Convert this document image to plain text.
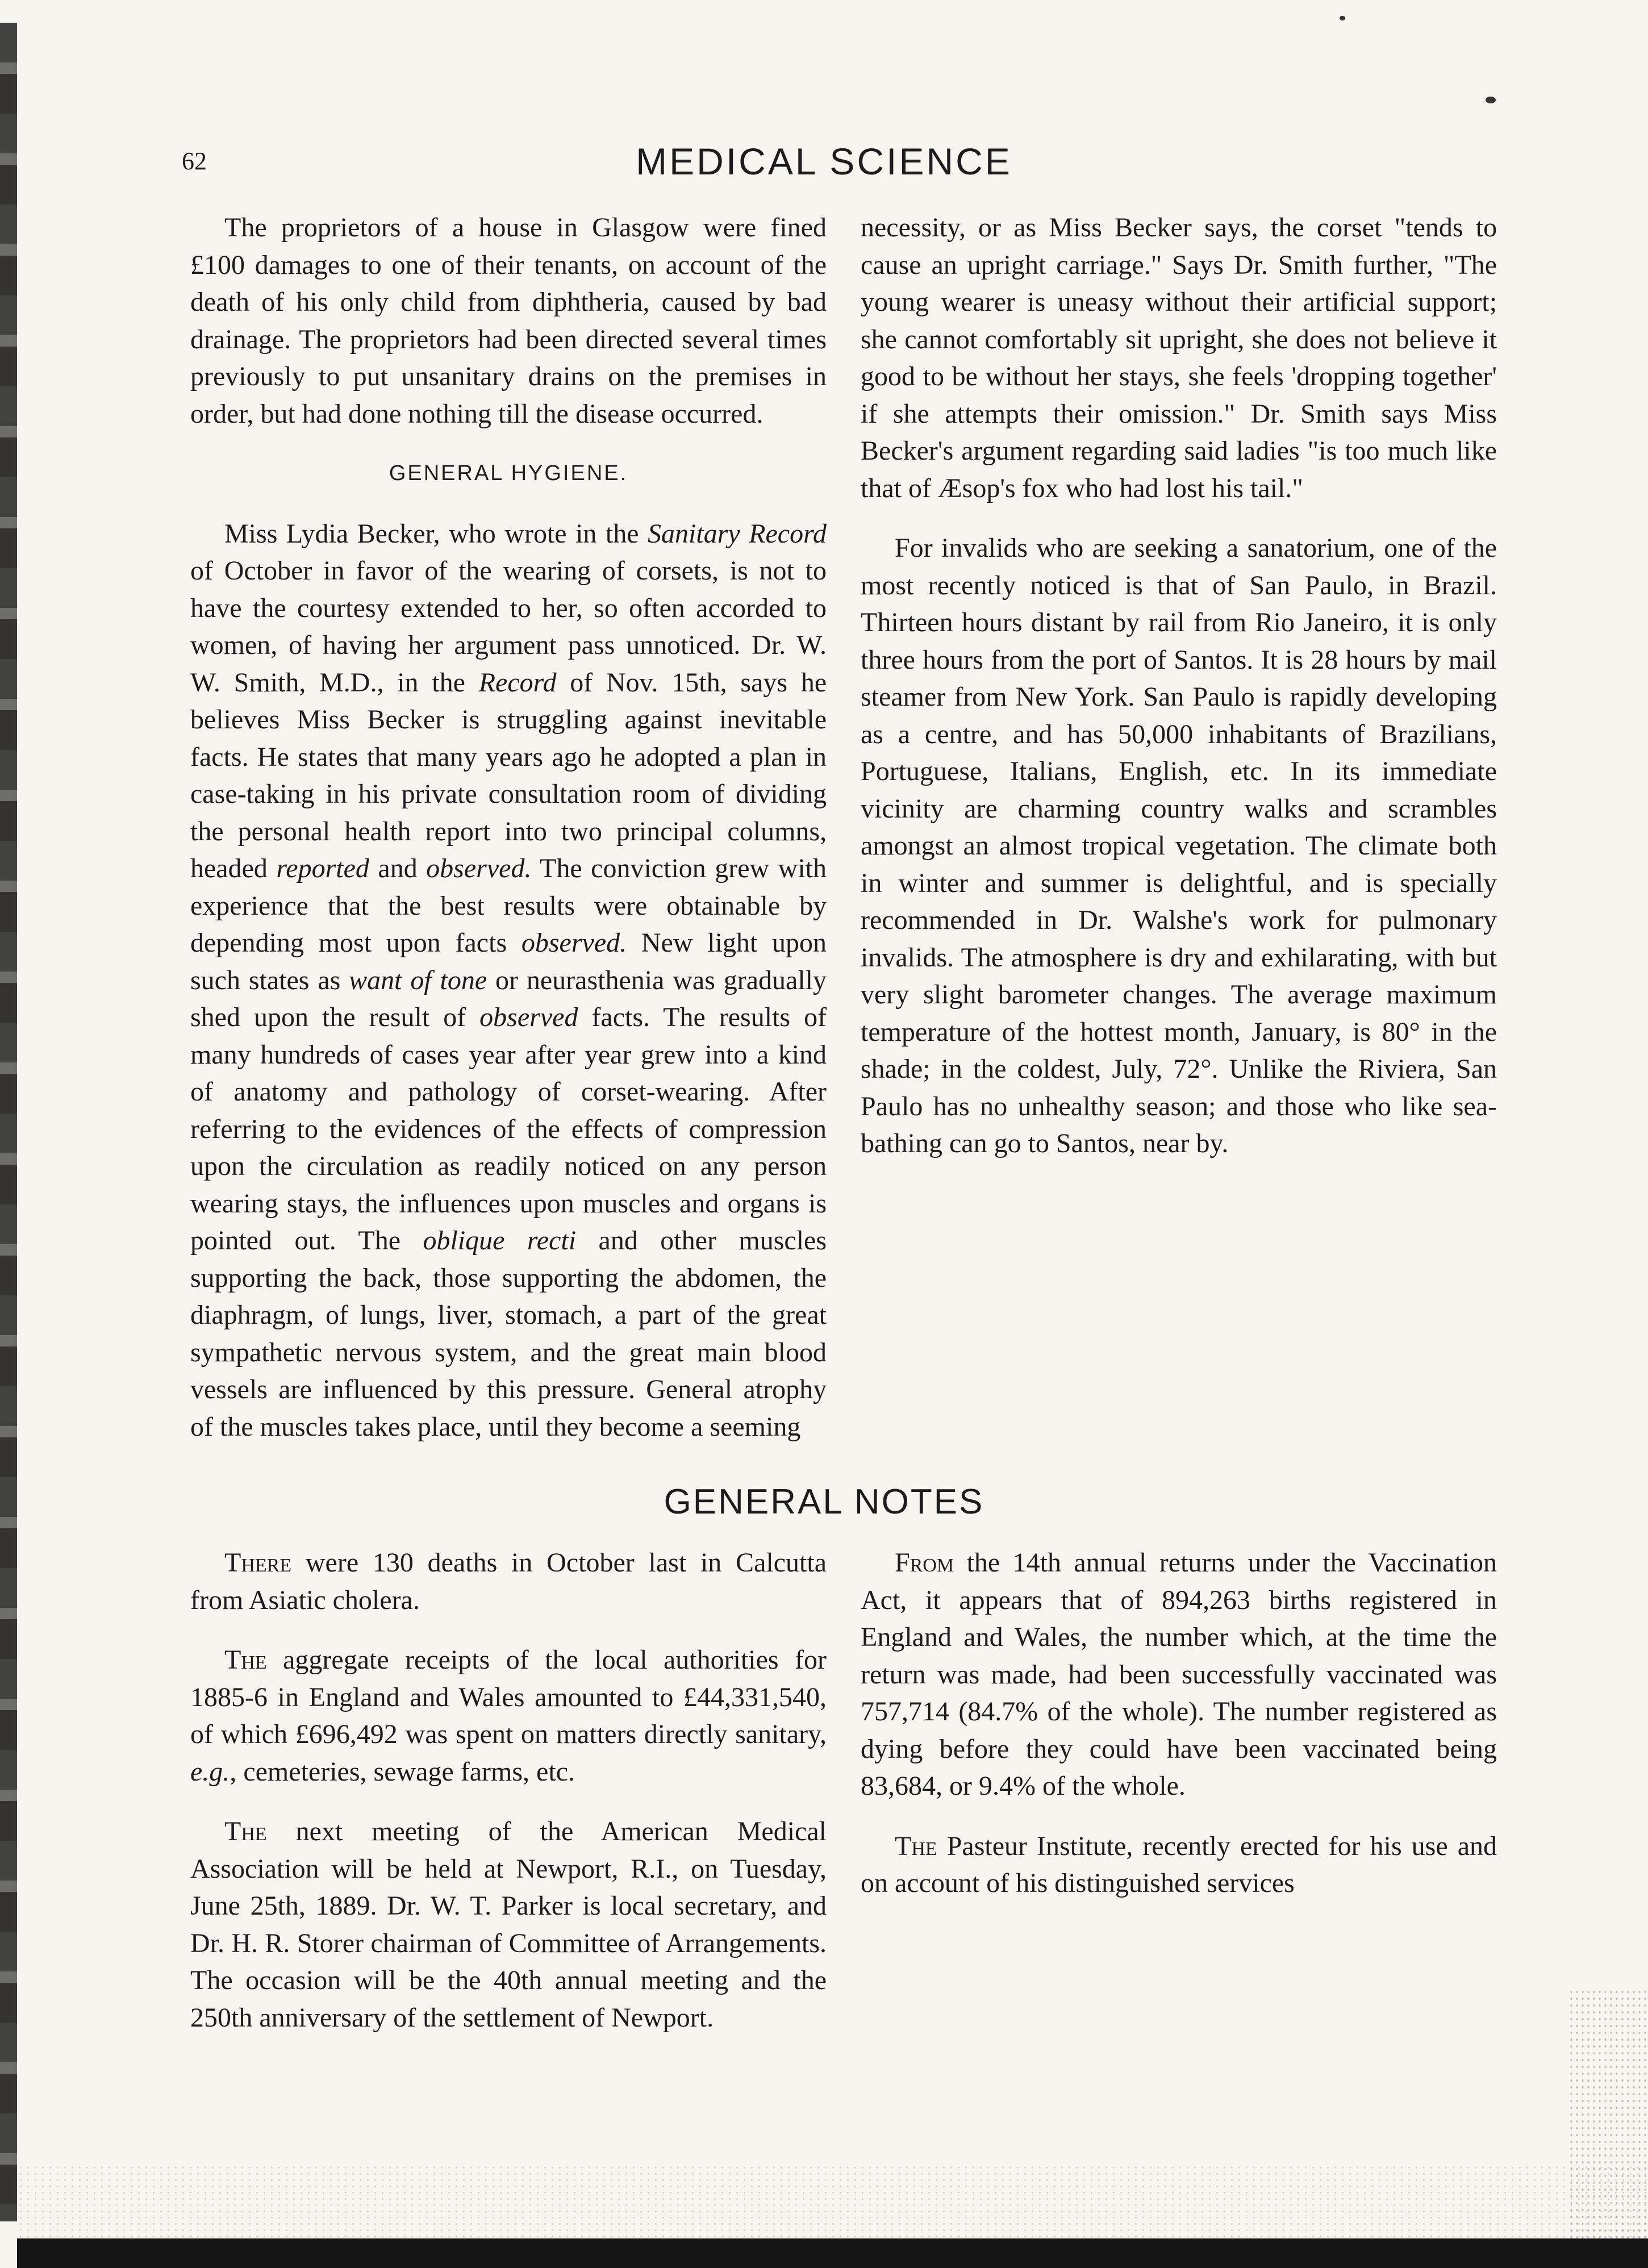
62	MEDICAL SCIENCE

The proprietors of a house in Glasgow were fined £100 damages to one of their tenants, on account of the death of his only child from diphtheria, caused by bad drainage. The proprietors had been directed several times previously to put unsanitary drains on the premises in order, but had done nothing till the disease occurred.

GENERAL HYGIENE.

Miss Lydia Becker, who wrote in the Sanitary Record of October in favor of the wearing of corsets, is not to have the courtesy extended to her, so often accorded to women, of having her argument pass unnoticed. Dr. W. W. Smith, M.D., in the Record of Nov. 15th, says he believes Miss Becker is struggling against inevitable facts. He states that many years ago he adopted a plan in case-taking in his private consultation room of dividing the personal health report into two principal columns, headed reported and observed. The conviction grew with experience that the best results were obtainable by depending most upon facts observed. New light upon such states as want of tone or neurasthenia was gradually shed upon the result of observed facts. The results of many hundreds of cases year after year grew into a kind of anatomy and pathology of corset-wearing. After referring to the evidences of the effects of compression upon the circulation as readily noticed on any person wearing stays, the influences upon muscles and organs is pointed out. The oblique recti and other muscles supporting the back, those supporting the abdomen, the diaphragm, of lungs, liver, stomach, a part of the great sympathetic nervous system, and the great main blood vessels are influenced by this pressure. General atrophy of the muscles takes place, until they become a seeming

necessity, or as Miss Becker says, the corset "tends to cause an upright carriage." Says Dr. Smith further, "The young wearer is uneasy without their artificial support; she cannot comfortably sit upright, she does not believe it good to be without her stays, she feels 'dropping together' if she attempts their omission." Dr. Smith says Miss Becker's argument regarding said ladies "is too much like that of Æsop's fox who had lost his tail."

For invalids who are seeking a sanatorium, one of the most recently noticed is that of San Paulo, in Brazil. Thirteen hours distant by rail from Rio Janeiro, it is only three hours from the port of Santos. It is 28 hours by mail steamer from New York. San Paulo is rapidly developing as a centre, and has 50,000 inhabitants of Brazilians, Portuguese, Italians, English, etc. In its immediate vicinity are charming country walks and scrambles amongst an almost tropical vegetation. The climate both in winter and summer is delightful, and is specially recommended in Dr. Walshe's work for pulmonary invalids. The atmosphere is dry and exhilarating, with but very slight barometer changes. The average maximum temperature of the hottest month, January, is 80° in the shade; in the coldest, July, 72°. Unlike the Riviera, San Paulo has no unhealthy season; and those who like sea-bathing can go to Santos, near by.

GENERAL NOTES

There were 130 deaths in October last in Calcutta from Asiatic cholera.

The aggregate receipts of the local authorities for 1885-6 in England and Wales amounted to £44,331,540, of which £696,492 was spent on matters directly sanitary, e.g., cemeteries, sewage farms, etc.

The next meeting of the American Medical Association will be held at Newport, R.I., on Tuesday, June 25th, 1889. Dr. W. T. Parker is local secretary, and Dr. H. R. Storer chairman of Committee of Arrangements. The occasion will be the 40th annual meeting and the 250th anniversary of the settlement of Newport.

From the 14th annual returns under the Vaccination Act, it appears that of 894,263 births registered in England and Wales, the number which, at the time the return was made, had been successfully vaccinated was 757,714 (84.7% of the whole). The number registered as dying before they could have been vaccinated being 83,684, or 9.4% of the whole.

The Pasteur Institute, recently erected for his use and on account of his distinguished services
